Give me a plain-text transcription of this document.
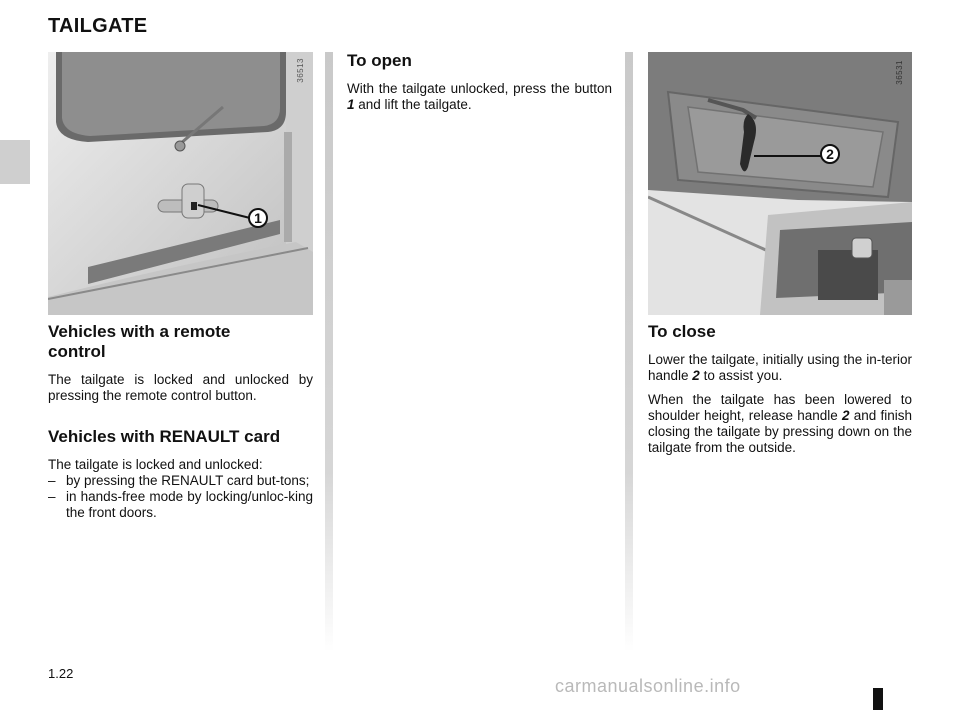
TAILGATE
36513
1
36531
2
Vehicles with a remote control

The tailgate is locked and unlocked by pressing the remote control button.

Vehicles with RENAULT card

The tailgate is locked and unlocked:

– by pressing the RENAULT card but-tons;
– in hands-free mode by locking/unloc-king the front doors.
To open

With the tailgate unlocked, press the button 1 and lift the tailgate.

To close

Lower the tailgate, initially using the in-terior handle 2 to assist you.

When the tailgate has been lowered to shoulder height, release handle 2 and finish closing the tailgate by pressing down on the tailgate from the outside.

1.22
carmanualsonline.info
